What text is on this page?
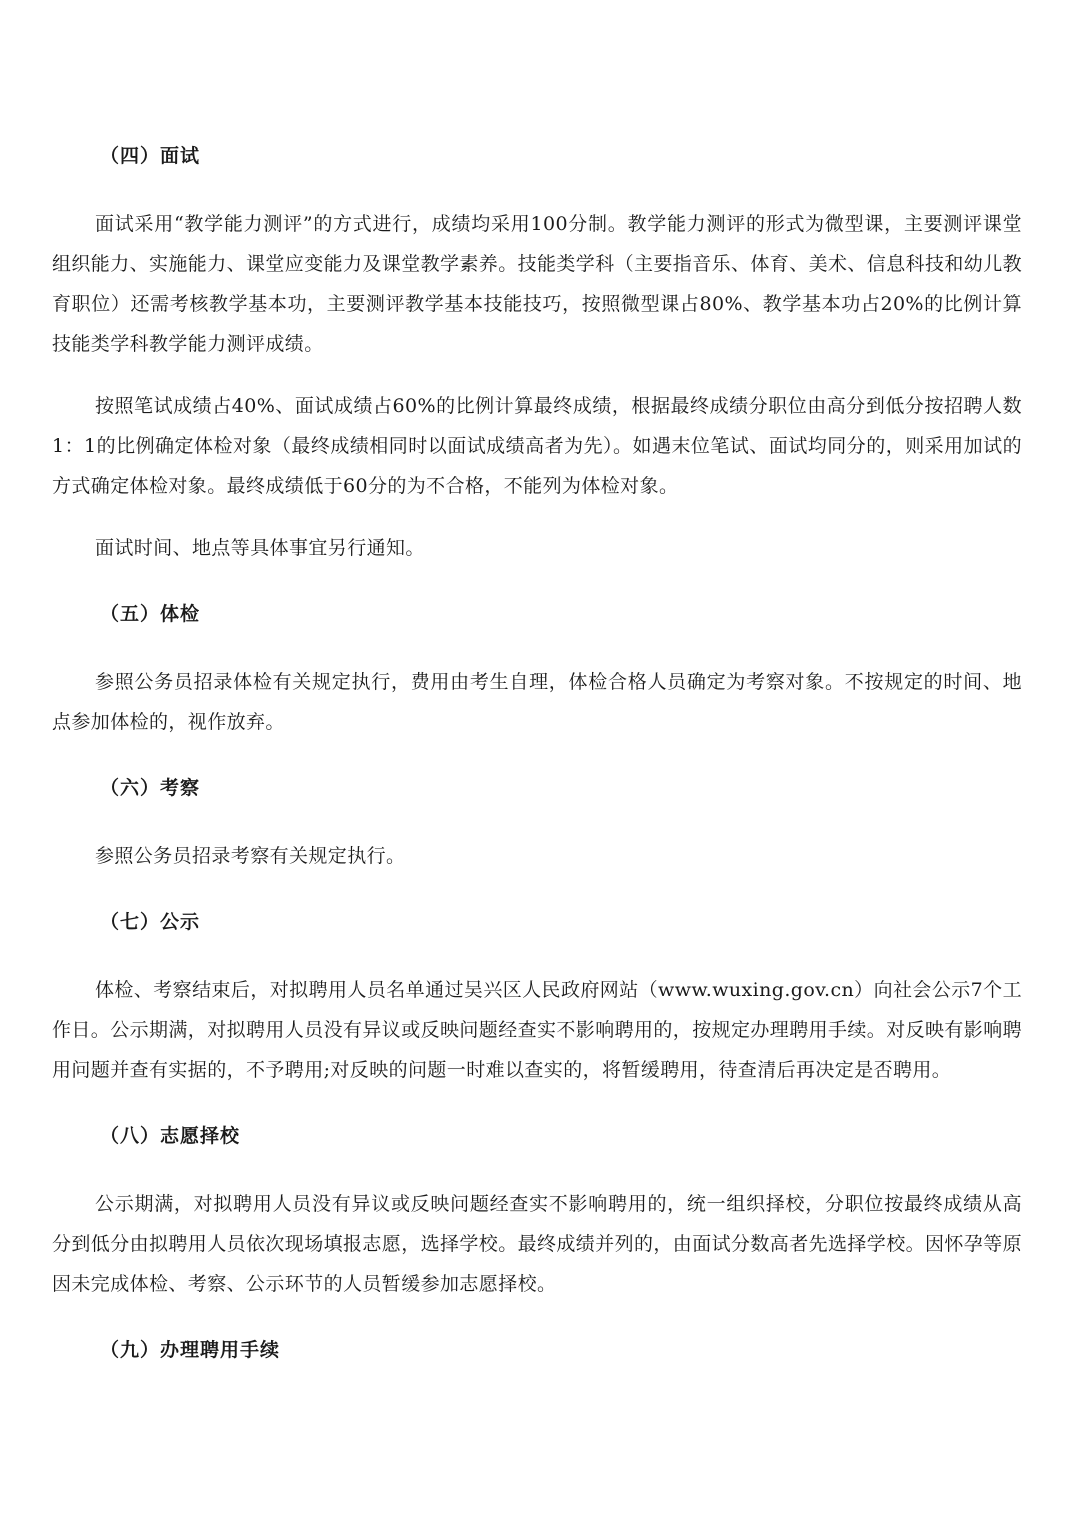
（四）面试

面试采用“教学能力测评”的方式进行，成绩均采用100分制。教学能力测评的形式为微型课，主要测评课堂组织能力、实施能力、课堂应变能力及课堂教学素养。技能类学科（主要指音乐、体育、美术、信息科技和幼儿教育职位）还需考核教学基本功，主要测评教学基本技能技巧，按照微型课占80%、教学基本功占20%的比例计算技能类学科教学能力测评成绩。

按照笔试成绩占40%、面试成绩占60%的比例计算最终成绩，根据最终成绩分职位由高分到低分按招聘人数1：1的比例确定体检对象（最终成绩相同时以面试成绩高者为先）。如遇末位笔试、面试均同分的，则采用加试的方式确定体检对象。最终成绩低于60分的为不合格，不能列为体检对象。

面试时间、地点等具体事宜另行通知。

（五）体检

参照公务员招录体检有关规定执行，费用由考生自理，体检合格人员确定为考察对象。不按规定的时间、地点参加体检的，视作放弃。

（六）考察

参照公务员招录考察有关规定执行。

（七）公示

体检、考察结束后，对拟聘用人员名单通过吴兴区人民政府网站（www.wuxing.gov.cn）向社会公示7个工作日。公示期满，对拟聘用人员没有异议或反映问题经查实不影响聘用的，按规定办理聘用手续。对反映有影响聘用问题并查有实据的，不予聘用;对反映的问题一时难以查实的，将暂缓聘用，待查清后再决定是否聘用。

（八）志愿择校

公示期满，对拟聘用人员没有异议或反映问题经查实不影响聘用的，统一组织择校，分职位按最终成绩从高分到低分由拟聘用人员依次现场填报志愿，选择学校。最终成绩并列的，由面试分数高者先选择学校。因怀孕等原因未完成体检、考察、公示环节的人员暂缓参加志愿择校。

（九）办理聘用手续
